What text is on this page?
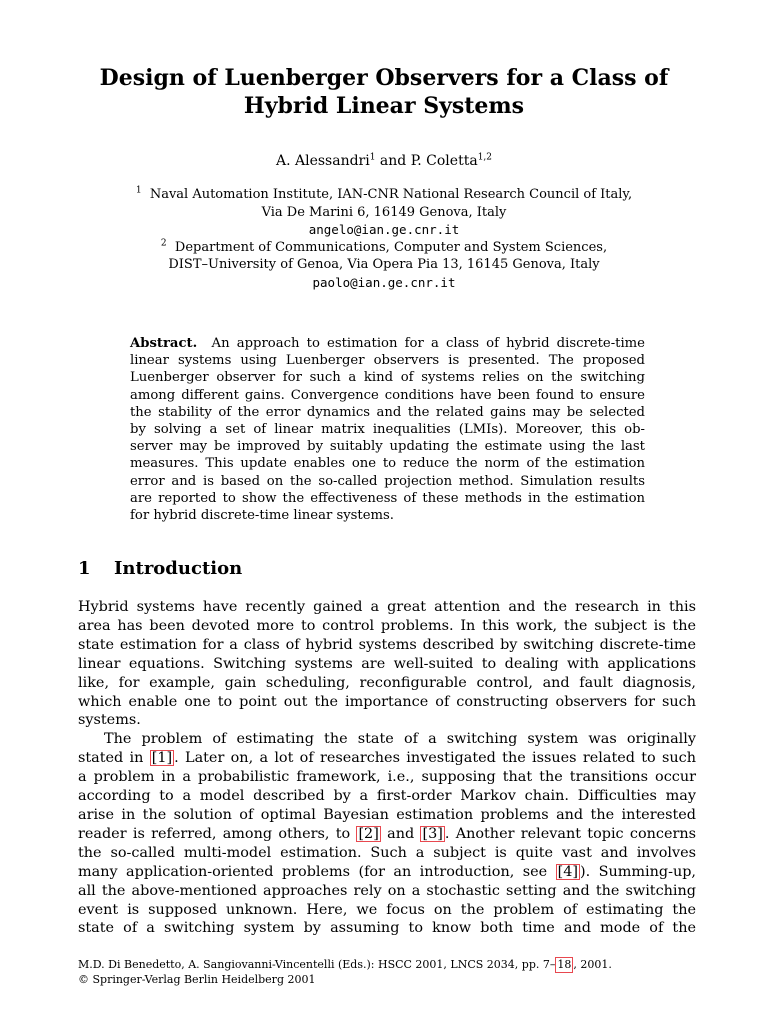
Design of Luenberger Observers for a Class of
Hybrid Linear Systems
A. Alessandri$^1$ and P. Coletta$^{1,2}$
$^1$ Naval Automation Institute, IAN-CNR National Research Council of Italy,
Via De Marini 6, 16149 Genova, Italy
angelo@ian.ge.cnr.it
$^2$ Department of Communications, Computer and System Sciences,
DIST–University of Genoa, Via Opera Pia 13, 16145 Genova, Italy
paolo@ian.ge.cnr.it
Abstract. An approach to estimation for a class of hybrid discrete-time
linear systems using Luenberger observers is presented. The proposed
Luenberger observer for such a kind of systems relies on the switching
among different gains. Convergence conditions have been found to ensure
the stability of the error dynamics and the related gains may be selected
by solving a set of linear matrix inequalities (LMIs). Moreover, this ob-
server may be improved by suitably updating the estimate using the last
measures. This update enables one to reduce the norm of the estimation
error and is based on the so-called projection method. Simulation results
are reported to show the effectiveness of these methods in the estimation
for hybrid discrete-time linear systems.
1 Introduction
Hybrid systems have recently gained a great attention and the research in this
area has been devoted more to control problems. In this work, the subject is the
state estimation for a class of hybrid systems described by switching discrete-time
linear equations. Switching systems are well-suited to dealing with applications
like, for example, gain scheduling, reconfigurable control, and fault diagnosis,
which enable one to point out the importance of constructing observers for such
systems.
The problem of estimating the state of a switching system was originally
stated in [1] . Later on, a lot of researches investigated the issues related to such
a problem in a probabilistic framework, i.e., supposing that the transitions occur
according to a model described by a first-order Markov chain. Difficulties may
arise in the solution of optimal Bayesian estimation problems and the interested
reader is referred, among others, to [2] and [3] . Another relevant topic concerns
the so-called multi-model estimation. Such a subject is quite vast and involves
many application-oriented problems (for an introduction, see [4] ). Summing-up,
all the above-mentioned approaches rely on a stochastic setting and the switching
event is supposed unknown. Here, we focus on the problem of estimating the
state of a switching system by assuming to know both time and mode of the
M.D. Di Benedetto, A. Sangiovanni-Vincentelli (Eds.): HSCC 2001, LNCS 2034, pp. 7– 18 , 2001.
© Springer-Verlag Berlin Heidelberg 2001
